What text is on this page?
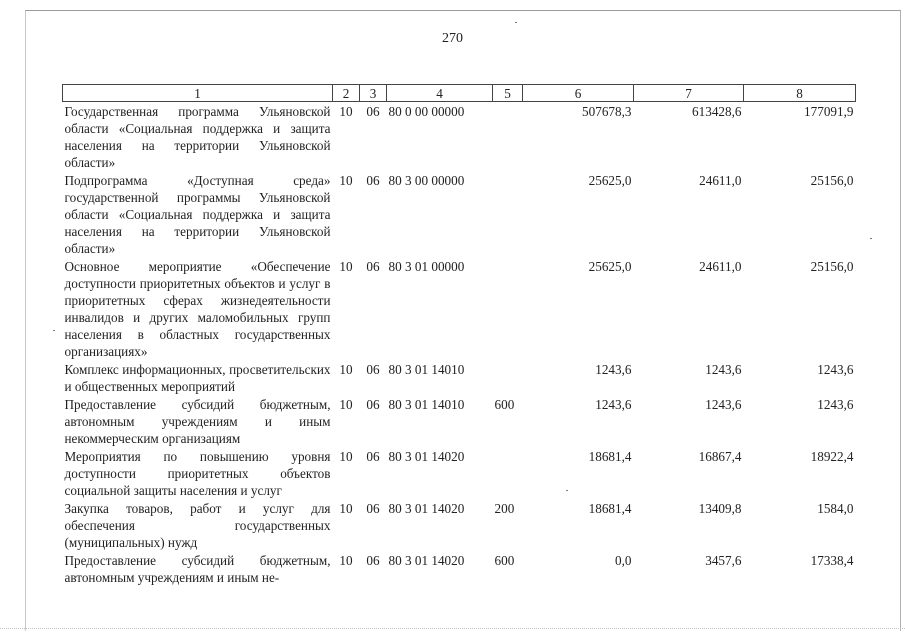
270
1	2	3	4	5	6	7	8
Государственная программа Ульяновской области «Социальная поддержка и защита населения на территории Ульяновской области»	10	06	80 0 00 00000		507678,3	613428,6	177091,9
Подпрограмма «Доступная среда» государственной программы Ульяновской области «Социальная поддержка и защита населения на территории Ульяновской области»	10	06	80 3 00 00000		25625,0	24611,0	25156,0
Основное мероприятие «Обеспечение доступности приоритетных объектов и услуг в приоритетных сферах жизнедеятельности инвалидов и других маломобильных групп населения в областных государственных организациях»	10	06	80 3 01 00000		25625,0	24611,0	25156,0
Комплекс информационных, просветительских и общественных мероприятий	10	06	80 3 01 14010		1243,6	1243,6	1243,6
Предоставление субсидий бюджетным, автономным учреждениям и иным некоммерческим организациям	10	06	80 3 01 14010	600	1243,6	1243,6	1243,6
Мероприятия по повышению уровня доступности приоритетных объектов социальной защиты населения и услуг	10	06	80 3 01 14020		18681,4	16867,4	18922,4
Закупка товаров, работ и услуг для обеспечения государственных (муниципальных) нужд	10	06	80 3 01 14020	200	18681,4	13409,8	1584,0
Предоставление субсидий бюджетным, автономным учреждениям и иным не-	10	06	80 3 01 14020	600	0,0	3457,6	17338,4
